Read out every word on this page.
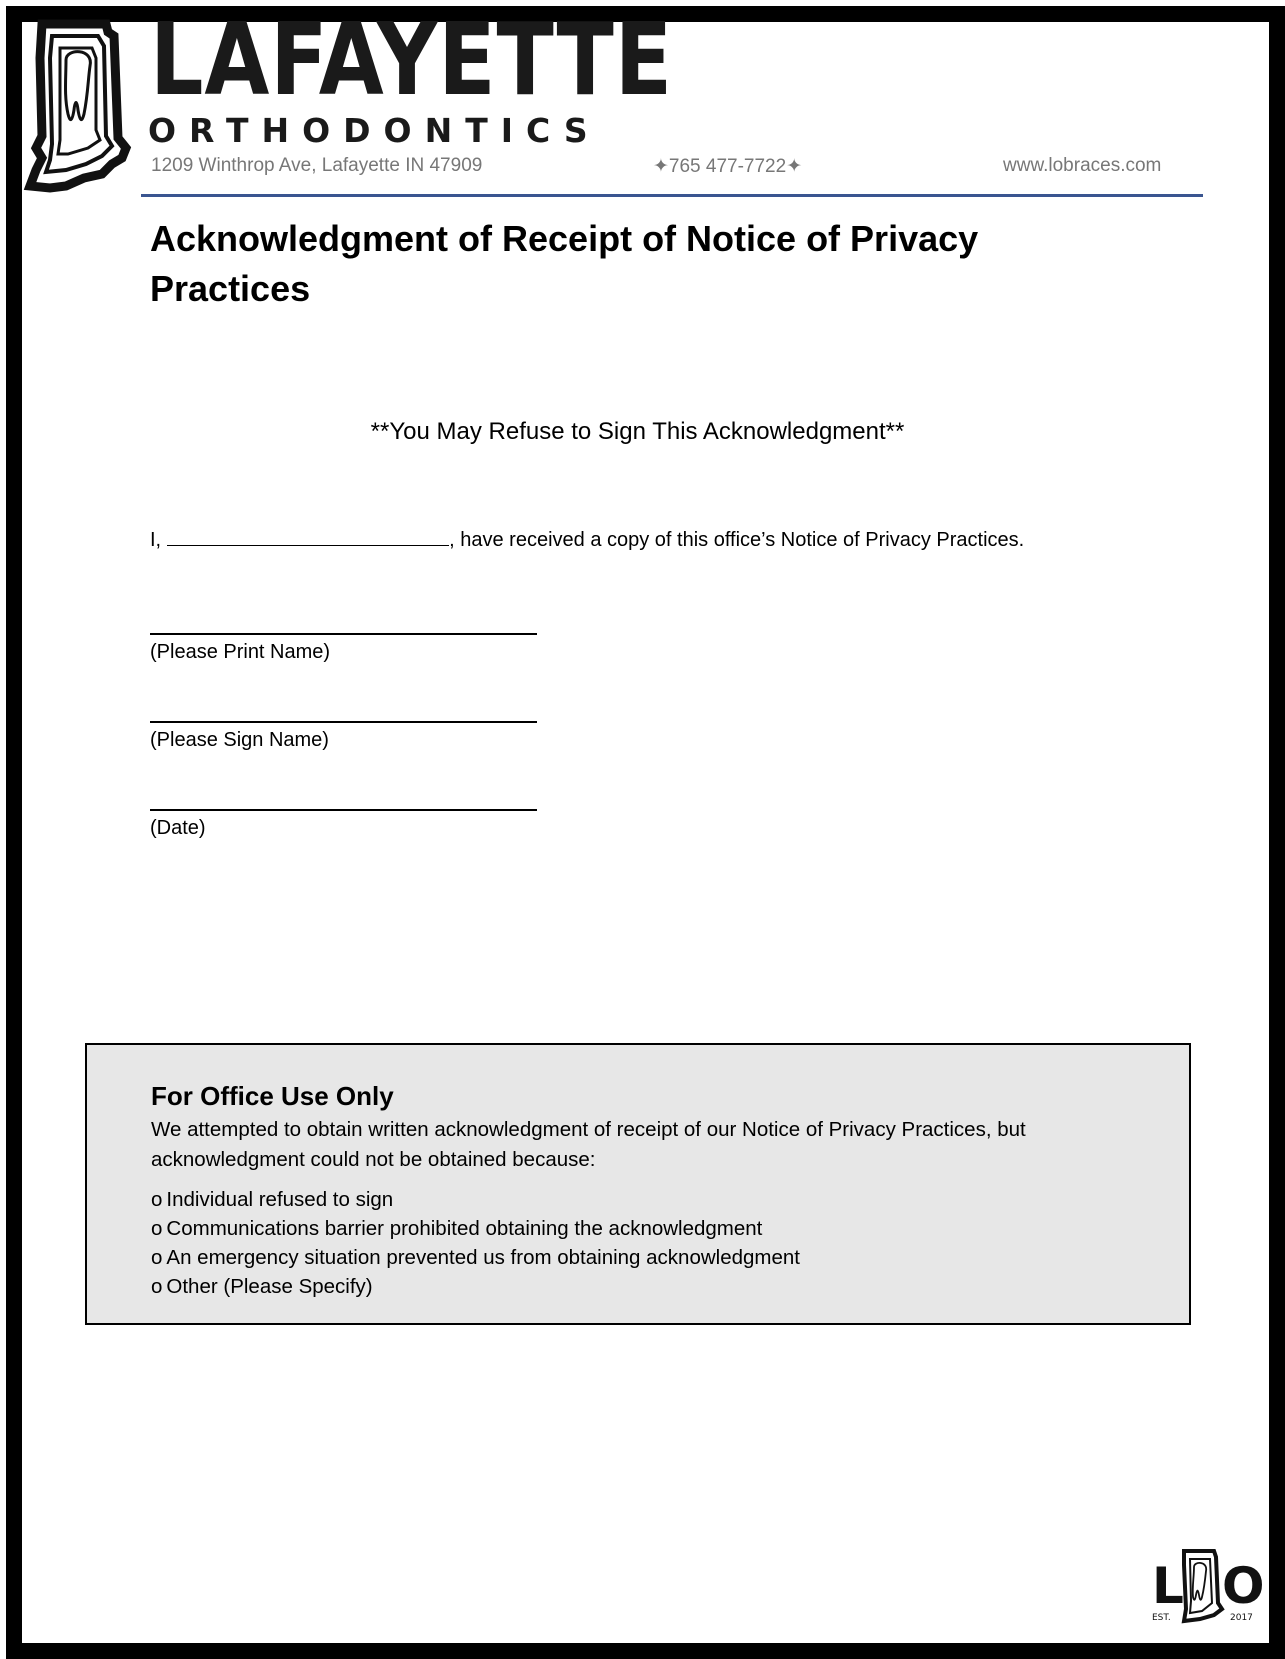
LAFAYETTE
ORTHODONTICS
1209 Winthrop Ave, Lafayette IN 47909	✦765 477-7722✦	www.lobraces.com
Acknowledgment of Receipt of Notice of Privacy Practices
**You May Refuse to Sign This Acknowledgment**
I,	, have received a copy of this office’s Notice of Privacy Practices.
(Please Print Name)
(Please Sign Name)
(Date)
For Office Use Only

We attempted to obtain written acknowledgment of receipt of our Notice of Privacy Practices, but acknowledgment could not be obtained because:

o Individual refused to sign
o Communications barrier prohibited obtaining the acknowledgment
o An emergency situation prevented us from obtaining acknowledgment
o Other (Please Specify)
L O
EST.	2017
